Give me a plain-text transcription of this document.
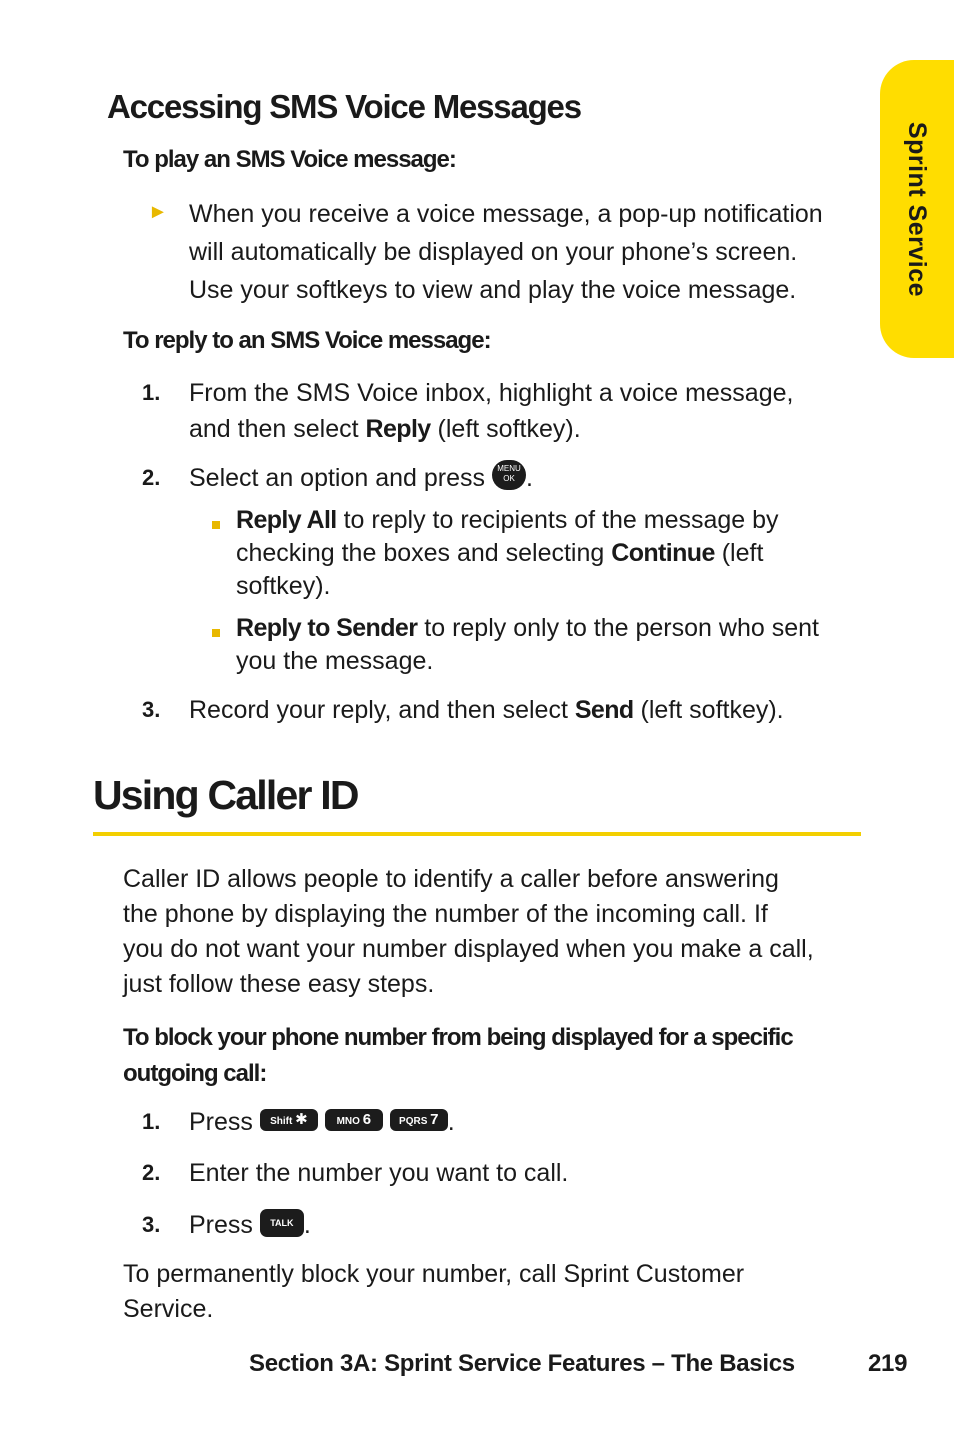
Sprint Service
Accessing SMS Voice Messages
To play an SMS Voice message:
► When you receive a voice message, a pop-up notification
will automatically be displayed on your phone’s screen.
Use your softkeys to view and play the voice message.
To reply to an SMS Voice message:
1. From the SMS Voice inbox, highlight a voice message,
and then select Reply (left softkey).
2. Select an option and press MENU
OK .
Reply All to reply to recipients of the message by
checking the boxes and selecting Continue (left
softkey).
Reply to Sender to reply only to the person who sent
you the message.
3. Record your reply, and then select Send (left softkey).
Using Caller ID
Caller ID allows people to identify a caller before answering
the phone by displaying the number of the incoming call. If
you do not want your number displayed when you make a call,
just follow these easy steps.
To block your phone number from being displayed for a specific
outgoing call:
1. Press Shift ✱	MNO 6	PQRS 7 .
2. Enter the number you want to call.
3. Press TALK .
To permanently block your number, call Sprint Customer
Service.
Section 3A: Sprint Service Features – The Basics	219
